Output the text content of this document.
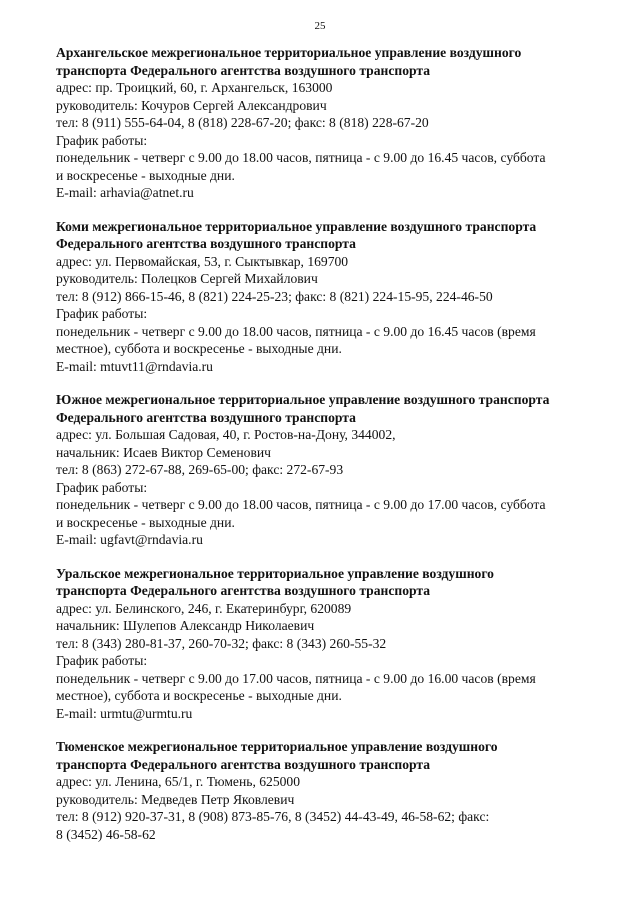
25
Архангельское межрегиональное территориальное управление воздушного
транспорта Федерального агентства воздушного транспорта
адрес: пр. Троицкий, 60, г. Архангельск, 163000
руководитель: Кочуров Сергей Александрович
тел: 8 (911) 555-64-04, 8 (818) 228-67-20; факс: 8 (818) 228-67-20
График работы:
понедельник - четверг с 9.00 до 18.00 часов, пятница - с 9.00 до 16.45 часов, суббота
и воскресенье - выходные дни.
E-mail: arhavia@atnet.ru
Коми межрегиональное территориальное управление воздушного транспорта
Федерального агентства воздушного транспорта
адрес: ул. Первомайская, 53, г. Сыктывкар, 169700
руководитель: Полецков Сергей Михайлович
тел: 8 (912) 866-15-46, 8 (821) 224-25-23; факс: 8 (821) 224-15-95, 224-46-50
График работы:
понедельник - четверг с 9.00 до 18.00 часов, пятница - с 9.00 до 16.45 часов (время
местное), суббота и воскресенье - выходные дни.
E-mail: mtuvt11@rndavia.ru
Южное межрегиональное территориальное управление воздушного транспорта
Федерального агентства воздушного транспорта
адрес: ул. Большая Садовая, 40, г. Ростов-на-Дону, 344002,
начальник: Исаев Виктор Семенович
тел: 8 (863) 272-67-88, 269-65-00; факс: 272-67-93
График работы:
понедельник - четверг с 9.00 до 18.00 часов, пятница - с 9.00 до 17.00 часов, суббота
и воскресенье - выходные дни.
E-mail: ugfavt@rndavia.ru
Уральское межрегиональное территориальное управление воздушного
транспорта Федерального агентства воздушного транспорта
адрес: ул. Белинского, 246, г. Екатеринбург, 620089
начальник: Шулепов Александр Николаевич
тел: 8 (343) 280-81-37, 260-70-32; факс: 8 (343) 260-55-32
График работы:
понедельник - четверг с 9.00 до 17.00 часов, пятница - с 9.00 до 16.00 часов (время
местное), суббота и воскресенье - выходные дни.
E-mail: urmtu@urmtu.ru
Тюменское межрегиональное территориальное управление воздушного
транспорта Федерального агентства воздушного транспорта
адрес: ул. Ленина, 65/1, г. Тюмень, 625000
руководитель: Медведев Петр Яковлевич
тел: 8 (912) 920-37-31, 8 (908) 873-85-76, 8 (3452) 44-43-49, 46-58-62; факс:
8 (3452) 46-58-62
